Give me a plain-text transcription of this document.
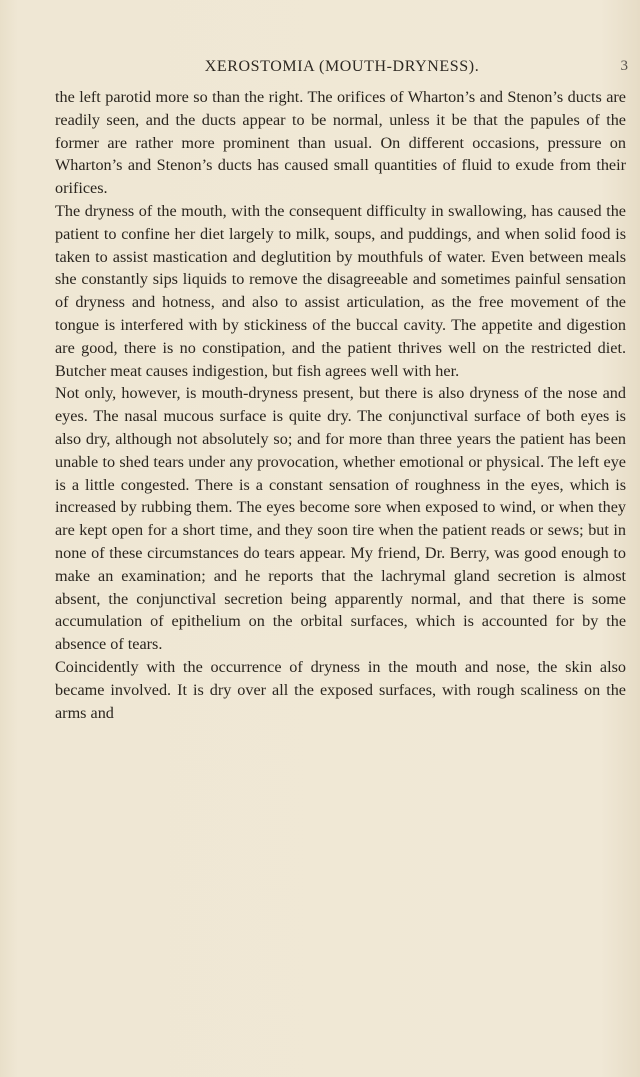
XEROSTOMIA (MOUTH-DRYNESS).	3

the left parotid more so than the right. The orifices of Wharton’s and Stenon’s ducts are readily seen, and the ducts appear to be normal, unless it be that the papules of the former are rather more prominent than usual. On different occasions, pressure on Wharton’s and Stenon’s ducts has caused small quantities of fluid to exude from their orifices.

The dryness of the mouth, with the consequent difficulty in swallowing, has caused the patient to confine her diet largely to milk, soups, and puddings, and when solid food is taken to assist mastication and deglutition by mouthfuls of water. Even between meals she constantly sips liquids to remove the disagreeable and sometimes painful sensation of dryness and hotness, and also to assist articulation, as the free movement of the tongue is interfered with by stickiness of the buccal cavity. The appetite and digestion are good, there is no constipation, and the patient thrives well on the restricted diet. Butcher meat causes indigestion, but fish agrees well with her.

Not only, however, is mouth-dryness present, but there is also dryness of the nose and eyes. The nasal mucous surface is quite dry. The conjunctival surface of both eyes is also dry, although not absolutely so; and for more than three years the patient has been unable to shed tears under any provocation, whether emotional or physical. The left eye is a little congested. There is a constant sensation of roughness in the eyes, which is increased by rubbing them. The eyes become sore when exposed to wind, or when they are kept open for a short time, and they soon tire when the patient reads or sews; but in none of these circumstances do tears appear. My friend, Dr. Berry, was good enough to make an examination; and he reports that the lachrymal gland secretion is almost absent, the conjunctival secretion being apparently normal, and that there is some accumulation of epithelium on the orbital surfaces, which is accounted for by the absence of tears.

Coincidently with the occurrence of dryness in the mouth and nose, the skin also became involved. It is dry over all the exposed surfaces, with rough scaliness on the arms and
